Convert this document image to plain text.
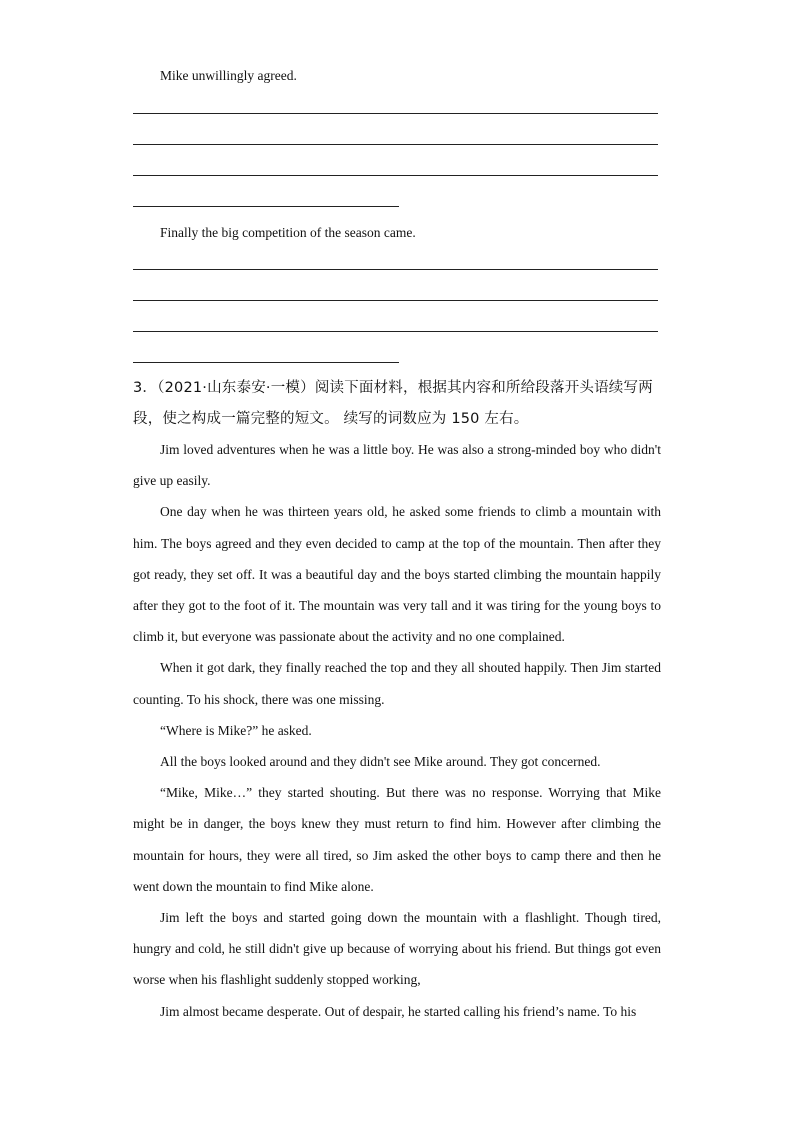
Mike unwillingly agreed.
Finally the big competition of the season came.
3．（2021·山东泰安·一模）阅读下面材料，根据其内容和所给段落开头语续写两段，使之构成一篇完整的短文。 续写的词数应为 150 左右。

Jim loved adventures when he was a little boy. He was also a strong-minded boy who didn't give up easily.

One day when he was thirteen years old, he asked some friends to climb a mountain with him. The boys agreed and they even decided to camp at the top of the mountain. Then after they got ready, they set off. It was a beautiful day and the boys started climbing the mountain happily after they got to the foot of it. The mountain was very tall and it was tiring for the young boys to climb it, but everyone was passionate about the activity and no one complained.

When it got dark, they finally reached the top and they all shouted happily. Then Jim started counting. To his shock, there was one missing.

“Where is Mike?” he asked.

All the boys looked around and they didn't see Mike around. They got concerned.

“Mike, Mike…” they started shouting. But there was no response. Worrying that Mike might be in danger, the boys knew they must return to find him. However after climbing the mountain for hours, they were all tired, so Jim asked the other boys to camp there and then he went down the mountain to find Mike alone.

Jim left the boys and started going down the mountain with a flashlight. Though tired, hungry and cold, he still didn't give up because of worrying about his friend. But things got even worse when his flashlight suddenly stopped working,

Jim almost became desperate. Out of despair, he started calling his friend’s name. To his
